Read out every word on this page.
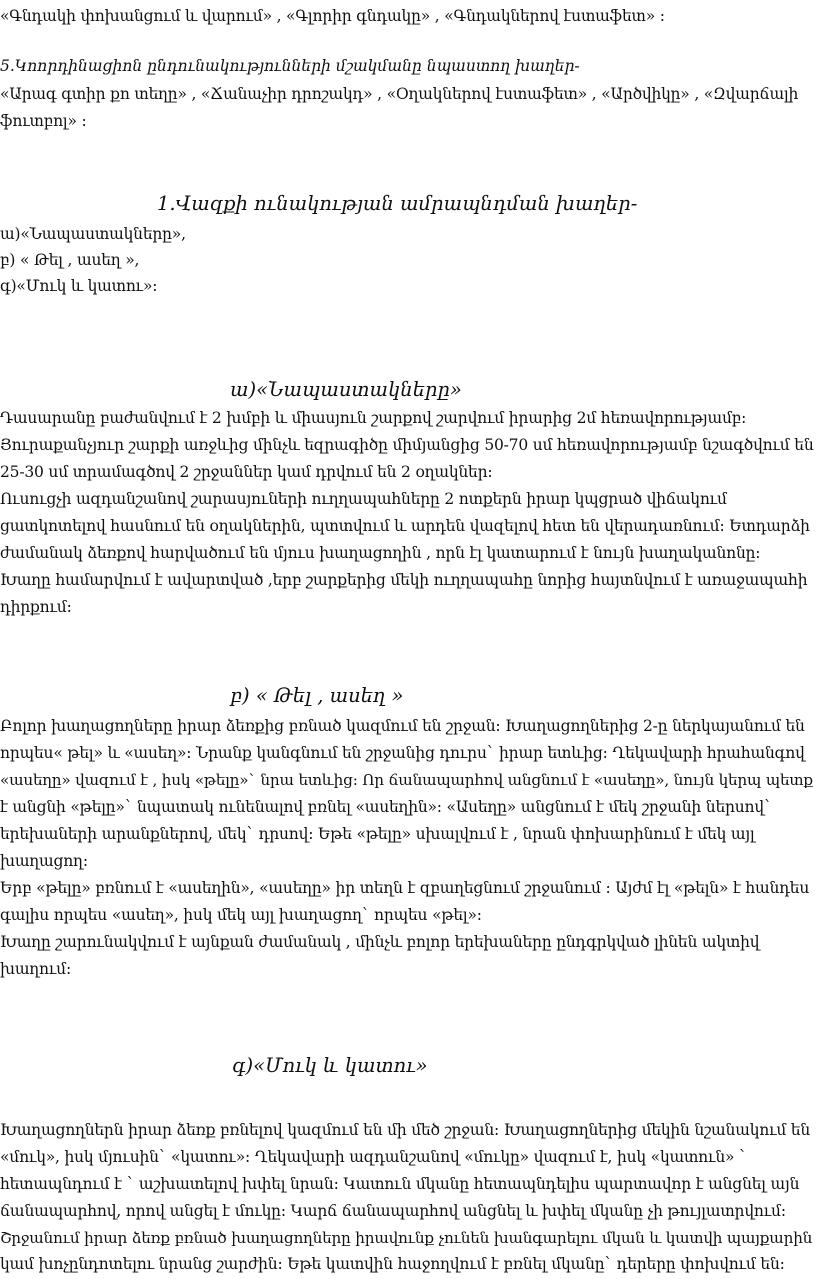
«Գնդակի փոխանցում և վարում» , «Գլորիր գնդակը» , «Գնդակներով էստաֆետ» :

5.Կոորդինացիոն ընդունակությունների մշակմանը նպաստող խաղեր-

«Արագ գտիր քո տեղը» , «Ճանաչիր դրոշակդ» , «Օղակներով էստաֆետ» , «Արծվիկը» , «Զվարճալի

ֆուտբոլ» :

1.Վազքի ունակության ամրապնդման խաղեր-

ա)«Նապաստակները»,

բ) « Թել , ասեղ »,

գ)«Մուկ և կատու»:

ա)«Նապաստակները»

Դասարանը բաժանվում է 2 խմբի և միասյուն շարքով շարվում իրարից 2մ հեռավորությամբ:

Յուրաքանչյուր շարքի առջևից մինչև եզրագիծը միմյանցից 50-70 սմ հեռավորությամբ նշագծվում են

25-30 սմ տրամագծով 2 շրջաններ կամ դրվում են 2 օղակներ:

Ուսուցչի ազդանշանով շարասյուների ուղղապահները 2 ոտքերն իրար կպցրած վիճակում

ցատկոտելով հասնում են օղակներին, պտտվում և արդեն վազելով հետ են վերադառնում: Ետդարձի

ժամանակ ձեռքով հարվածում են մյուս խաղացողին , որն էլ կատարում է նույն խաղականոնը:

Խաղը համարվում է ավարտված ,երբ շարքերից մեկի ուղղապահը նորից հայտնվում է առաջապահի

դիրքում:

բ) « Թել , ասեղ »

Բոլոր խաղացողները իրար ձեռքից բռնած կազմում են շրջան: Խաղացողներից 2-ը ներկայանում են

որպես« թել» և «ասեղ»: Նրանք կանգնում են շրջանից դուրս` իրար ետևից: Ղեկավարի հրահանգով

«ասեղը» վազում է , իսկ «թելը»` նրա ետևից: Որ ճանապարհով անցնում է «ասեղը», նույն կերպ պետք

է անցնի «թելը»` նպատակ ունենալով բռնել «ասեղին»: «Ասեղը» անցնում է մեկ շրջանի ներսով`

երեխաների արանքներով, մեկ` դրսով: Եթե «թելը» սխալվում է , նրան փոխարինում է մեկ այլ

խաղացող:

Երբ «թելը» բռնում է «ասեղին», «ասեղը» իր տեղն է զբաղեցնում շրջանում : Այժմ էլ «թելն» է հանդես

գալիս որպես «ասեղ», իսկ մեկ այլ խաղացող` որպես «թել»:

Խաղը շարունակվում է այնքան ժամանակ , մինչև բոլոր երեխաները ընդգրկված լինեն ակտիվ

խաղում:

գ)«Մուկ և կատու»

Խաղացողներն իրար ձեռք բռնելով կազմում են մի մեծ շրջան: Խաղացողներից մեկին նշանակում են

«մուկ», իսկ մյուսին` «կատու»: Ղեկավարի ազդանշանով «մուկը» վազում է, իսկ «կատուն» `

հետապնդում է ` աշխատելով խփել նրան: Կատուն մկանը հետապնդելիս պարտավոր է անցնել այն

ճանապարհով, որով անցել է մուկը: Կարճ ճանապարհով անցնել և խփել մկանը չի թույլատրվում:

Շրջանում իրար ձեռք բռնած խաղացողները իրավունք չունեն խանգարելու մկան և կատվի պայքարին

կամ խոչընդոտելու նրանց շարժին: Եթե կատվին հաջողվում է բռնել մկանը` դերերը փոխվում են:
